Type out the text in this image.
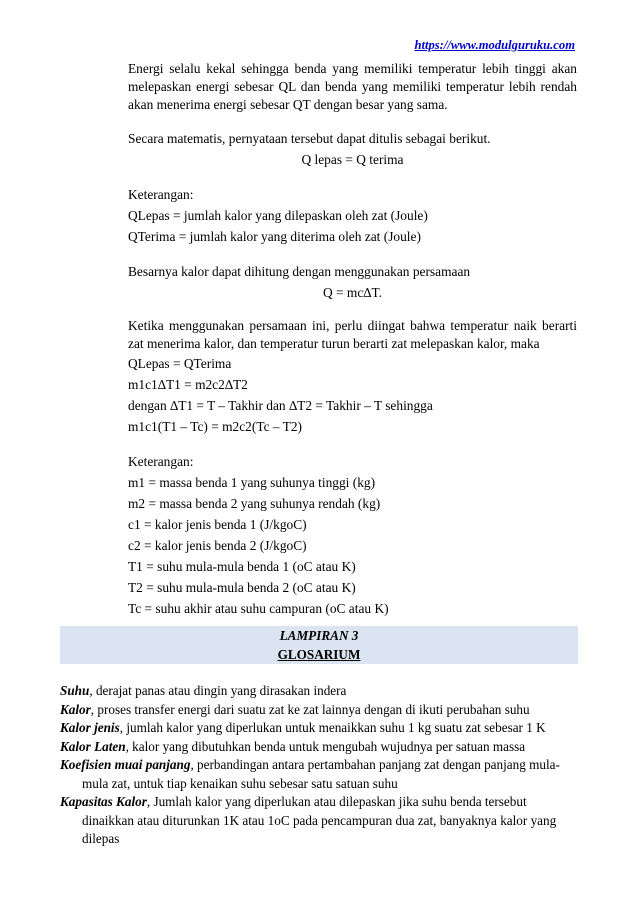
https://www.modulguruku.com

Energi selalu kekal sehingga benda yang memiliki temperatur lebih tinggi akan melepaskan energi sebesar QL dan benda yang memiliki temperatur lebih rendah akan menerima energi sebesar QT dengan besar yang sama.

Secara matematis, pernyataan tersebut dapat ditulis sebagai berikut.

Q lepas = Q terima

Keterangan:

QLepas = jumlah kalor yang dilepaskan oleh zat (Joule)

QTerima = jumlah kalor yang diterima oleh zat (Joule)

Besarnya kalor dapat dihitung dengan menggunakan persamaan

Q = mc∆T.

Ketika menggunakan persamaan ini, perlu diingat bahwa temperatur naik berarti zat menerima kalor, dan temperatur turun berarti zat melepaskan kalor, maka

QLepas = QTerima

m1c1∆T1 = m2c2∆T2

dengan ∆T1 = T – Takhir dan ∆T2 = Takhir – T sehingga

m1c1(T1 – Tc) = m2c2(Tc – T2)

Keterangan:

m1 = massa benda 1 yang suhunya tinggi (kg)

m2 = massa benda 2 yang suhunya rendah (kg)

c1 = kalor jenis benda 1 (J/kgoC)

c2 = kalor jenis benda 2 (J/kgoC)

T1 = suhu mula-mula benda 1 (oC atau K)

T2 = suhu mula-mula benda 2 (oC atau K)

Tc = suhu akhir atau suhu campuran (oC atau K)

LAMPIRAN 3
GLOSARIUM

Suhu, derajat panas atau dingin yang dirasakan indera

Kalor, proses transfer energi dari suatu zat ke zat lainnya dengan di ikuti perubahan suhu

Kalor jenis, jumlah kalor yang diperlukan untuk menaikkan suhu 1 kg suatu zat sebesar 1 K

Kalor Laten, kalor yang dibutuhkan benda untuk mengubah wujudnya per satuan massa

Koefisien muai panjang, perbandingan antara pertambahan panjang zat dengan panjang mula-mula zat, untuk tiap kenaikan suhu sebesar satu satuan suhu

Kapasitas Kalor, Jumlah kalor yang diperlukan atau dilepaskan jika suhu benda tersebut dinaikkan atau diturunkan 1K atau 1oC pada pencampuran dua zat, banyaknya kalor yang dilepas
